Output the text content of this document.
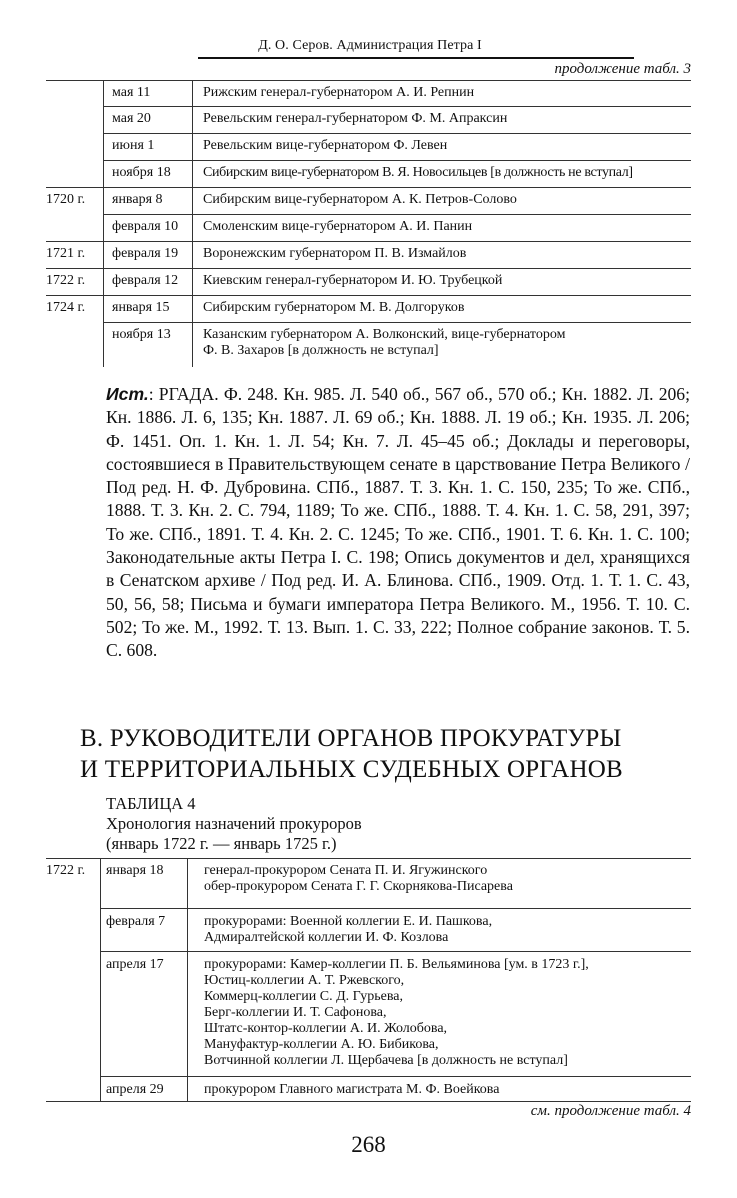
Д. О. Серов. Администрация Петра I
продолжение табл. 3
мая 11	Рижским генерал-губернатором А. И. Репнин
мая 20	Ревельским генерал-губернатором Ф. М. Апраксин
июня 1	Ревельским вице-губернатором Ф. Левен
ноября 18 Сибирским вице-губернатором В. Я. Новосильцев [в должность не вступал]
1720 г.	января 8	Сибирским вице-губернатором А. К. Петров-Солово
февраля 10 Смоленским вице-губернатором А. И. Панин
1721 г.	февраля 19 Воронежским губернатором П. В. Измайлов
1722 г.	февраля 12 Киевским генерал-губернатором И. Ю. Трубецкой
1724 г.	января 15 Сибирским губернатором М. В. Долгоруков
ноября 13 Казанским губернатором А. Волконский, вице-губернатором
Ф. В. Захаров [в должность не вступал]
Ист.: РГАДА. Ф. 248. Кн. 985. Л. 540 об., 567 об., 570 об.; Кн. 1882. Л. 206; Кн. 1886. Л. 6, 135; Кн. 1887. Л. 69 об.; Кн. 1888. Л. 19 об.; Кн. 1935. Л. 206; Ф. 1451. Оп. 1. Кн. 1. Л. 54; Кн. 7. Л. 45–45 об.; Доклады и переговоры, состоявшиеся в Правительствующем сенате в царствование Петра Великого / Под ред. Н. Ф. Дубровина. СПб., 1887. Т. 3. Кн. 1. С. 150, 235; То же. СПб., 1888. Т. 3. Кн. 2. С. 794, 1189; То же. СПб., 1888. Т. 4. Кн. 1. С. 58, 291, 397; То же. СПб., 1891. Т. 4. Кн. 2. С. 1245; То же. СПб., 1901. Т. 6. Кн. 1. С. 100; Законодательные акты Петра I. С. 198; Опись документов и дел, хранящихся в Сенатском архиве / Под ред. И. А. Блинова. СПб., 1909. Отд. 1. Т. 1. С. 43, 50, 56, 58; Письма и бумаги императора Петра Великого. М., 1956. Т. 10. С. 502; То же. М., 1992. Т. 13. Вып. 1. С. 33, 222; Полное собрание законов. Т. 5. С. 608.
В. РУКОВОДИТЕЛИ ОРГАНОВ ПРОКУРАТУРЫ
И ТЕРРИТОРИАЛЬНЫХ СУДЕБНЫХ ОРГАНОВ
ТАБЛИЦА 4
Хронология назначений прокуроров
(январь 1722 г. — январь 1725 г.)
1722 г.	января 18	генерал-прокурором Сената П. И. Ягужинского
обер-прокурором Сената Г. Г. Скорнякова-Писарева
февраля 7	прокурорами: Военной коллегии Е. И. Пашкова,
Адмиралтейской коллегии И. Ф. Козлова
апреля 17	прокурорами: Камер-коллегии П. Б. Вельяминова [ум. в 1723 г.],
Юстиц-коллегии А. Т. Ржевского,
Коммерц-коллегии С. Д. Гурьева,
Берг-коллегии И. Т. Сафонова,
Штатс-контор-коллегии А. И. Жолобова,
Мануфактур-коллегии А. Ю. Бибикова,
Вотчинной коллегии Л. Щербачева [в должность не вступал]
апреля 29	прокурором Главного магистрата М. Ф. Воейкова
см. продолжение табл. 4
268
